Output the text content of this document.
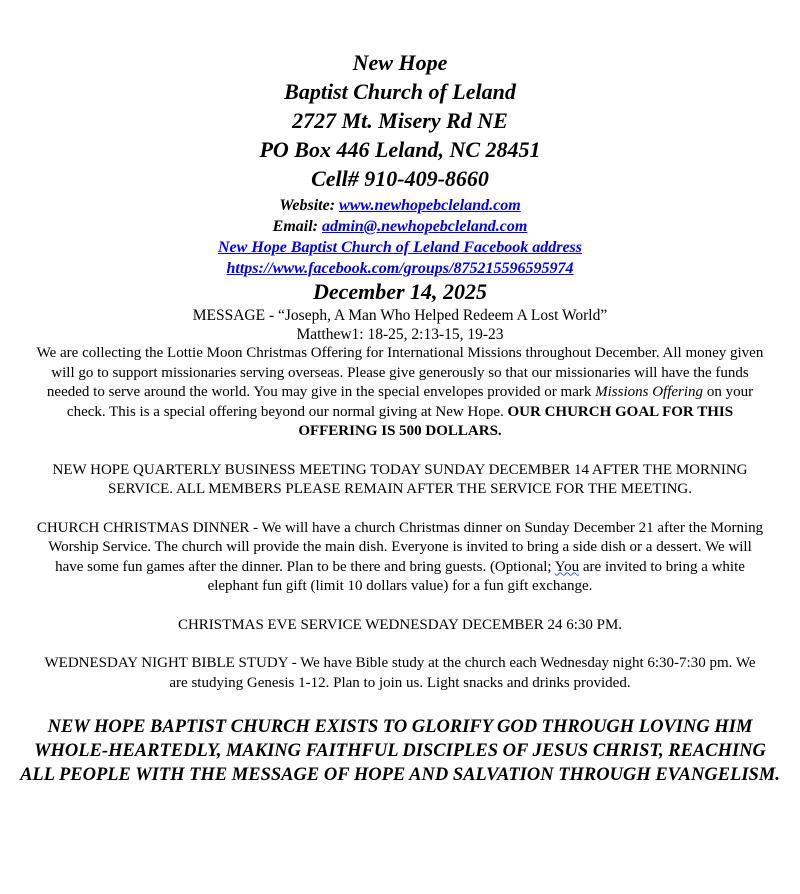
New Hope

Baptist Church of Leland

2727 Mt. Misery Rd NE

PO Box 446 Leland, NC 28451

Cell# 910-409-8660

Website: www.newhopebcleland.com

Email: admin@.newhopebcleland.com

New Hope Baptist Church of Leland Facebook address

https://www.facebook.com/groups/875215596595974

December 14, 2025

MESSAGE - “Joseph, A Man Who Helped Redeem A Lost World”

Matthew1: 18-25, 2:13-15, 19-23

We are collecting the Lottie Moon Christmas Offering for International Missions throughout December. All money given will go to support missionaries serving overseas. Please give generously so that our missionaries will have the funds needed to serve around the world. You may give in the special envelopes provided or mark Missions Offering on your check. This is a special offering beyond our normal giving at New Hope. OUR CHURCH GOAL FOR THIS OFFERING IS 500 DOLLARS.

NEW HOPE QUARTERLY BUSINESS MEETING TODAY SUNDAY DECEMBER 14 AFTER THE MORNING SERVICE. ALL MEMBERS PLEASE REMAIN AFTER THE SERVICE FOR THE MEETING.

CHURCH CHRISTMAS DINNER - We will have a church Christmas dinner on Sunday December 21 after the Morning Worship Service. The church will provide the main dish. Everyone is invited to bring a side dish or a dessert. We will have some fun games after the dinner. Plan to be there and bring guests. (Optional; You are invited to bring a white elephant fun gift (limit 10 dollars value) for a fun gift exchange.

CHRISTMAS EVE SERVICE WEDNESDAY DECEMBER 24 6:30 PM.

WEDNESDAY NIGHT BIBLE STUDY - We have Bible study at the church each Wednesday night 6:30-7:30 pm. We are studying Genesis 1-12. Plan to join us. Light snacks and drinks provided.

NEW HOPE BAPTIST CHURCH EXISTS TO GLORIFY GOD THROUGH LOVING HIM WHOLE-HEARTEDLY, MAKING FAITHFUL DISCIPLES OF JESUS CHRIST, REACHING ALL PEOPLE WITH THE MESSAGE OF HOPE AND SALVATION THROUGH EVANGELISM.
